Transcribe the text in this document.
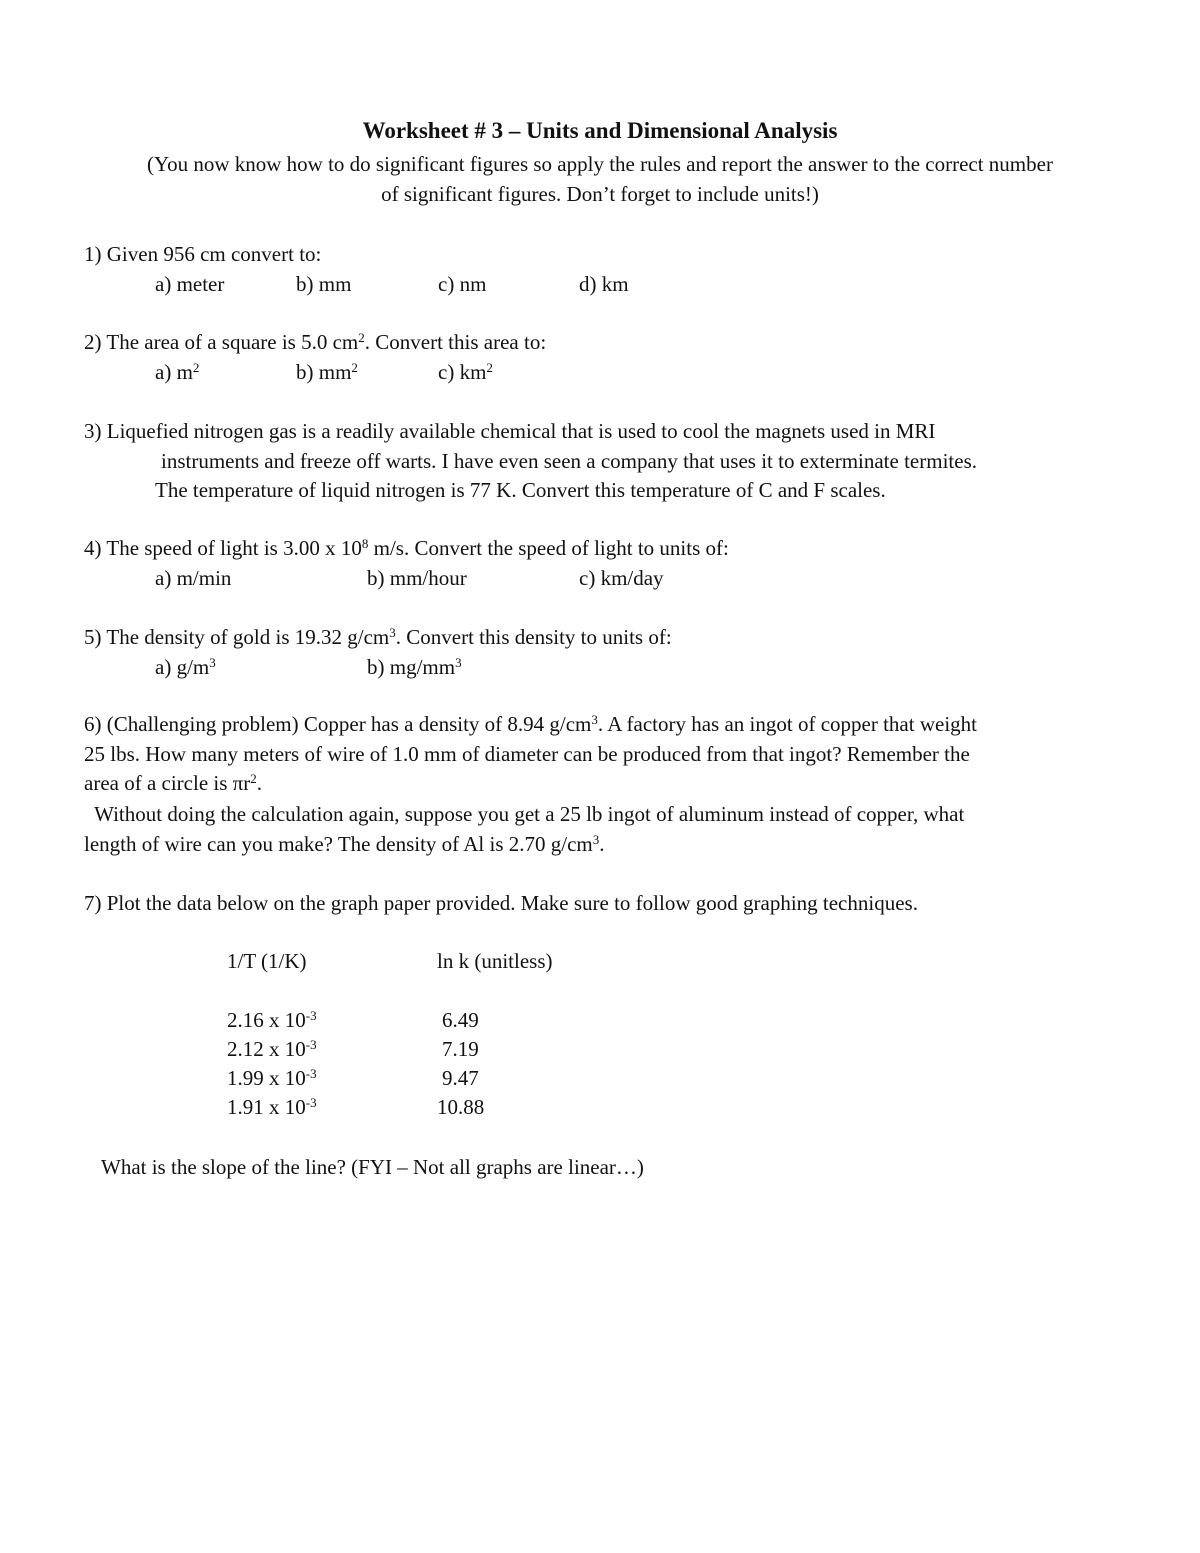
Worksheet # 3 – Units and Dimensional Analysis
(You now know how to do significant figures so apply the rules and report the answer to the correct number
of significant figures. Don’t forget to include units!)
1) Given 956 cm convert to:
a) meter	b) mm	c) nm	d) km
2) The area of a square is 5.0 $cm^2$. Convert this area to:
a) $m^2$	b) $mm^2$	c) $km^2$
3) Liquefied nitrogen gas is a readily available chemical that is used to cool the magnets used in MRI
instruments and freeze off warts. I have even seen a company that uses it to exterminate termites.
The temperature of liquid nitrogen is 77 K. Convert this temperature of C and F scales.
4) The speed of light is 3.00 x $10^8$ m/s. Convert the speed of light to units of:
a) m/min	b) mm/hour	c) km/day
5) The density of gold is 19.32 $g/cm^3$. Convert this density to units of:
a) $g/m^3$	b) $mg/mm^3$
6) (Challenging problem) Copper has a density of 8.94 $g/cm^3$. A factory has an ingot of copper that weight
25 lbs. How many meters of wire of 1.0 mm of diameter can be produced from that ingot? Remember the
area of a circle is $\pi r^2$.
Without doing the calculation again, suppose you get a 25 lb ingot of aluminum instead of copper, what
length of wire can you make? The density of Al is 2.70 $g/cm^3$.
7) Plot the data below on the graph paper provided. Make sure to follow good graphing techniques.
1/T (1/K)	ln k (unitless)
2.16 x $10^{-3}$	6.49
2.12 x $10^{-3}$	7.19
1.99 x $10^{-3}$	9.47
1.91 x $10^{-3}$	10.88
What is the slope of the line? (FYI – Not all graphs are linear…)
